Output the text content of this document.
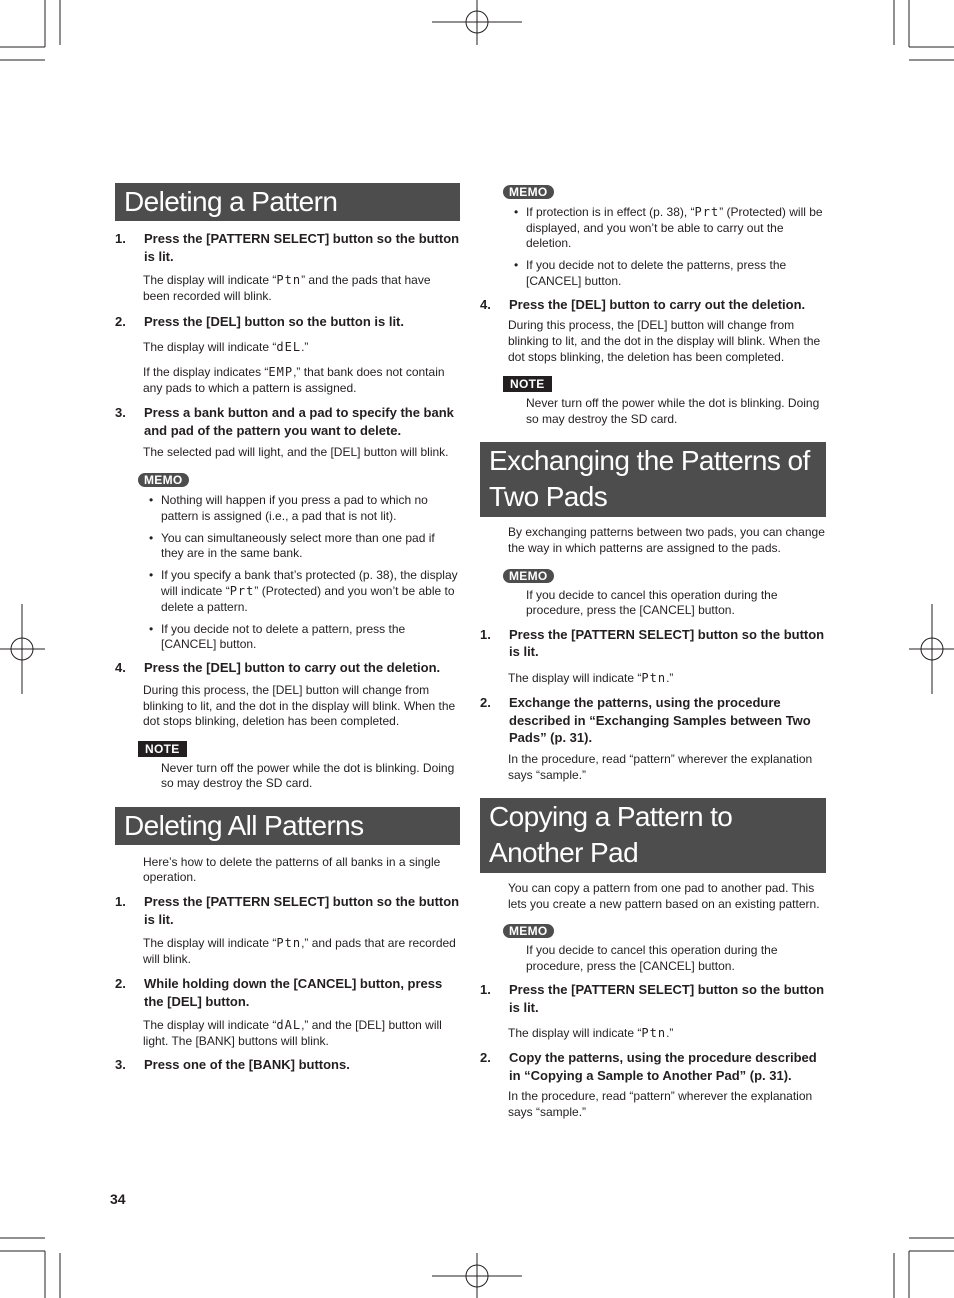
Deleting a Pattern
1. Press the [PATTERN SELECT] button so the button is lit.
The display will indicate “Ptn” and the pads that have been recorded will blink.
2. Press the [DEL] button so the button is lit.
The display will indicate “dEL.”
If the display indicates “EMP,” that bank does not contain any pads to which a pattern is assigned.
3. Press a bank button and a pad to specify the bank and pad of the pattern you want to delete.
The selected pad will light, and the [DEL] button will blink.
MEMO
• Nothing will happen if you press a pad to which no pattern is assigned (i.e., a pad that is not lit).
• You can simultaneously select more than one pad if they are in the same bank.
• If you specify a bank that’s protected (p. 38), the display will indicate “Prt” (Protected) and you won’t be able to delete a pattern.
• If you decide not to delete a pattern, press the [CANCEL] button.
4. Press the [DEL] button to carry out the deletion.
During this process, the [DEL] button will change from blinking to lit, and the dot in the display will blink. When the dot stops blinking, deletion has been completed.
NOTE
Never turn off the power while the dot is blinking. Doing so may destroy the SD card.
Deleting All Patterns
Here’s how to delete the patterns of all banks in a single operation.
1. Press the [PATTERN SELECT] button so the button is lit.
The display will indicate “Ptn,” and pads that are recorded will blink.
2. While holding down the [CANCEL] button, press the [DEL] button.
The display will indicate “dAL,” and the [DEL] button will light. The [BANK] buttons will blink.
3. Press one of the [BANK] buttons.
MEMO
• If protection is in effect (p. 38), “Prt” (Protected) will be displayed, and you won’t be able to carry out the deletion.
• If you decide not to delete the patterns, press the [CANCEL] button.
4. Press the [DEL] button to carry out the deletion.
During this process, the [DEL] button will change from blinking to lit, and the dot in the display will blink. When the dot stops blinking, the deletion has been completed.
NOTE
Never turn off the power while the dot is blinking. Doing so may destroy the SD card.
Exchanging the Patterns of Two Pads
By exchanging patterns between two pads, you can change the way in which patterns are assigned to the pads.
MEMO
If you decide to cancel this operation during the procedure, press the [CANCEL] button.
1. Press the [PATTERN SELECT] button so the button is lit.
The display will indicate “Ptn.”
2. Exchange the patterns, using the procedure described in “Exchanging Samples between Two Pads” (p. 31).
In the procedure, read “pattern” wherever the explanation says “sample.”
Copying a Pattern to Another Pad
You can copy a pattern from one pad to another pad. This lets you create a new pattern based on an existing pattern.
MEMO
If you decide to cancel this operation during the procedure, press the [CANCEL] button.
1. Press the [PATTERN SELECT] button so the button is lit.
The display will indicate “Ptn.”
2. Copy the patterns, using the procedure described in “Copying a Sample to Another Pad” (p. 31).
In the procedure, read “pattern” wherever the explanation says “sample.”
34
